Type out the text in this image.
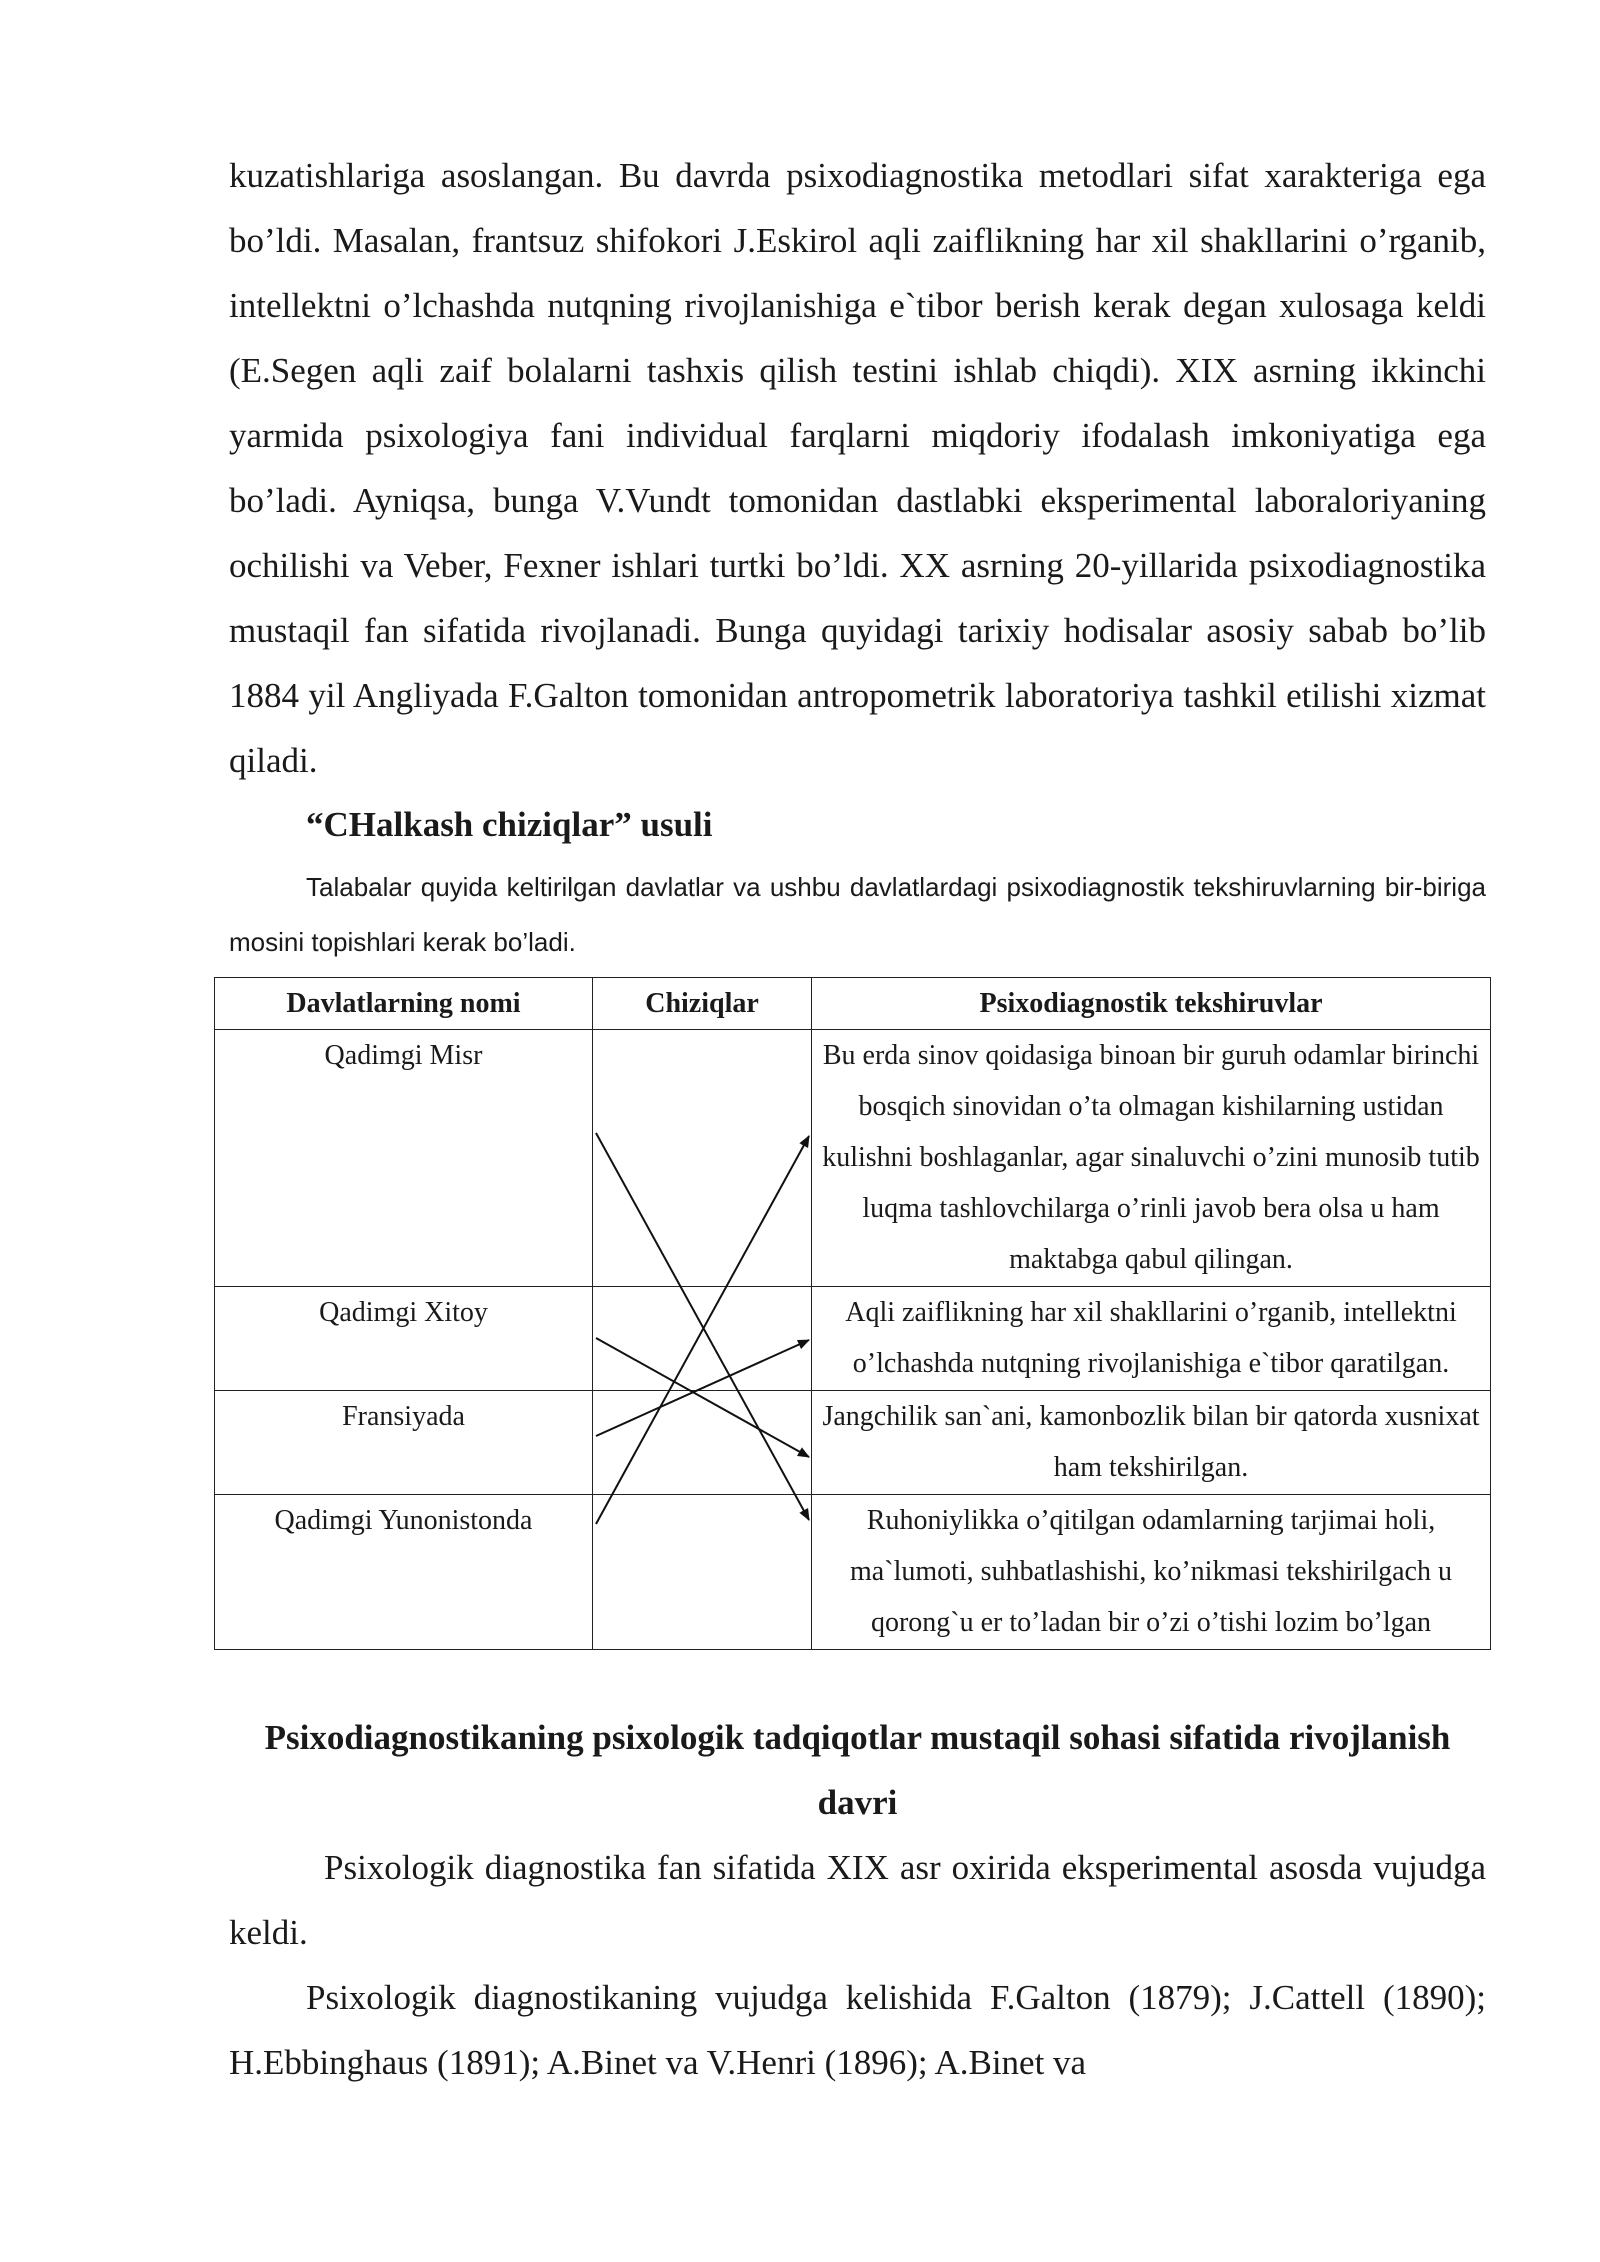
kuzatishlariga asoslangan. Bu davrda psixodiagnostika metodlari sifat xarakteriga ega bo’ldi. Masalan, frantsuz shifokori J.Eskirol aqli zaiflikning har xil shakllarini o’rganib, intellektni o’lchashda nutqning rivojlanishiga e`tibor berish kerak degan xulosaga keldi (E.Segen aqli zaif bolalarni tashxis qilish testini ishlab chiqdi). XIX asrning ikkinchi yarmida psixologiya fani individual farqlarni miqdoriy ifodalash imkoniyatiga ega bo’ladi. Ayniqsa, bunga V.Vundt tomonidan dastlabki eksperimental laboraloriyaning ochilishi va Veber, Fexner ishlari turtki bo’ldi. XX asrning 20-yillarida psixodiagnostika mustaqil fan sifatida rivojlanadi. Bunga quyidagi tarixiy hodisalar asosiy sabab bo’lib 1884 yil Angliyada F.Galton tomonidan antropometrik laboratoriya tashkil etilishi xizmat qiladi.

“CHalkash chiziqlar” usuli

Talabalar quyida keltirilgan davlatlar va ushbu davlatlardagi psixodiagnostik tekshiruvlarning bir-biriga mosini topishlari kerak bo’ladi.

Davlatlarning nomi	Chiziqlar	Psixodiagnostik tekshiruvlar
Qadimgi Misr		Bu erda sinov qoidasiga binoan bir guruh odamlar birinchi bosqich sinovidan o’ta olmagan kishilarning ustidan kulishni boshlaganlar, agar sinaluvchi o’zini munosib tutib luqma tashlovchilarga o’rinli javob bera olsa u ham maktabga qabul qilingan.
Qadimgi Xitoy		Aqli zaiflikning har xil shakllarini o’rganib, intellektni o’lchashda nutqning rivojlanishiga e`tibor qaratilgan.
Fransiyada		Jangchilik san`ani, kamonbozlik bilan bir qatorda xusnixat ham tekshirilgan.
Qadimgi Yunonistonda		Ruhoniylikka o’qitilgan odamlarning tarjimai holi, ma`lumoti, suhbatlashishi, ko’nikmasi tekshirilgach u qorong`u er to’ladan bir o’zi o’tishi lozim bo’lgan

Psixodiagnostikaning psixologik tadqiqotlar mustaqil sohasi sifatida rivojlanish davri

Psixologik diagnostika fan sifatida XIX asr oxirida eksperimental asosda vujudga keldi.

Psixologik diagnostikaning vujudga kelishida F.Galton (1879); J.Cattell (1890); H.Ebbinghaus (1891); A.Binet va V.Henri (1896); A.Binet va
